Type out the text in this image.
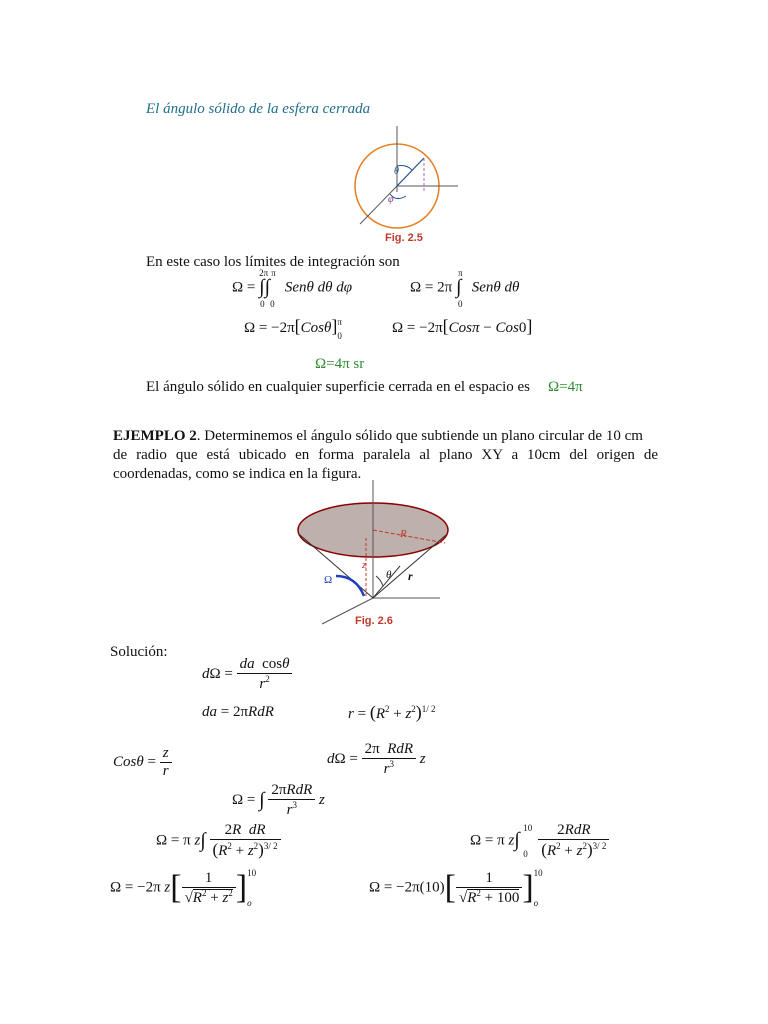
El ángulo sólido de la esfera cerrada
θ
φ
Fig. 2.5
En este caso los límites de integración son
Ω =
2π π
∫∫
0 0
Senθ dθ dφ	Ω = 2π
π
∫
0
Senθ dθ
Ω = −2π[Cosθ] π
0	Ω = −2π[Cosπ − Cos0]
Ω=4π sr
El ángulo sólido en cualquier superficie cerrada en el espacio es Ω=4π
EJEMPLO 2. Determinemos el ángulo sólido que subtiende un plano circular de 10 cm
de radio que está ubicado en forma paralela al plano XY a 10cm del origen de
coordenadas, como se indica en la figura.
R
z
θ r
Ω
Fig. 2.6
Solución:
$d\Omega = \frac{\text{da  cosθ}}{r^2}$
da = 2πRdR	$r = (R^2 + z^2)^{1/ 2}$
$Cos\theta = \frac{z}{r}$	$d\Omega = \frac{\text{2π  RdR}}{r^3}$ z
Ω = ∫ $\frac{\text{2πRdR}}{r^3}$ z
Ω = π $z\int \frac{\text{2R dR}}{(R^2 + z^2)^{3/ 2}}$	Ω = π z ∫
10
$0 \frac{\text{2RdR}}{(R^2 + z^2)^{3/ 2}}$
Ω = −2π $z[ \frac{1}{√R^2 + z^2}$ ] 10
o
$\Omega = -2\pi(10)[ \frac{1}{√R^2 + 100}$ ] 10
o
